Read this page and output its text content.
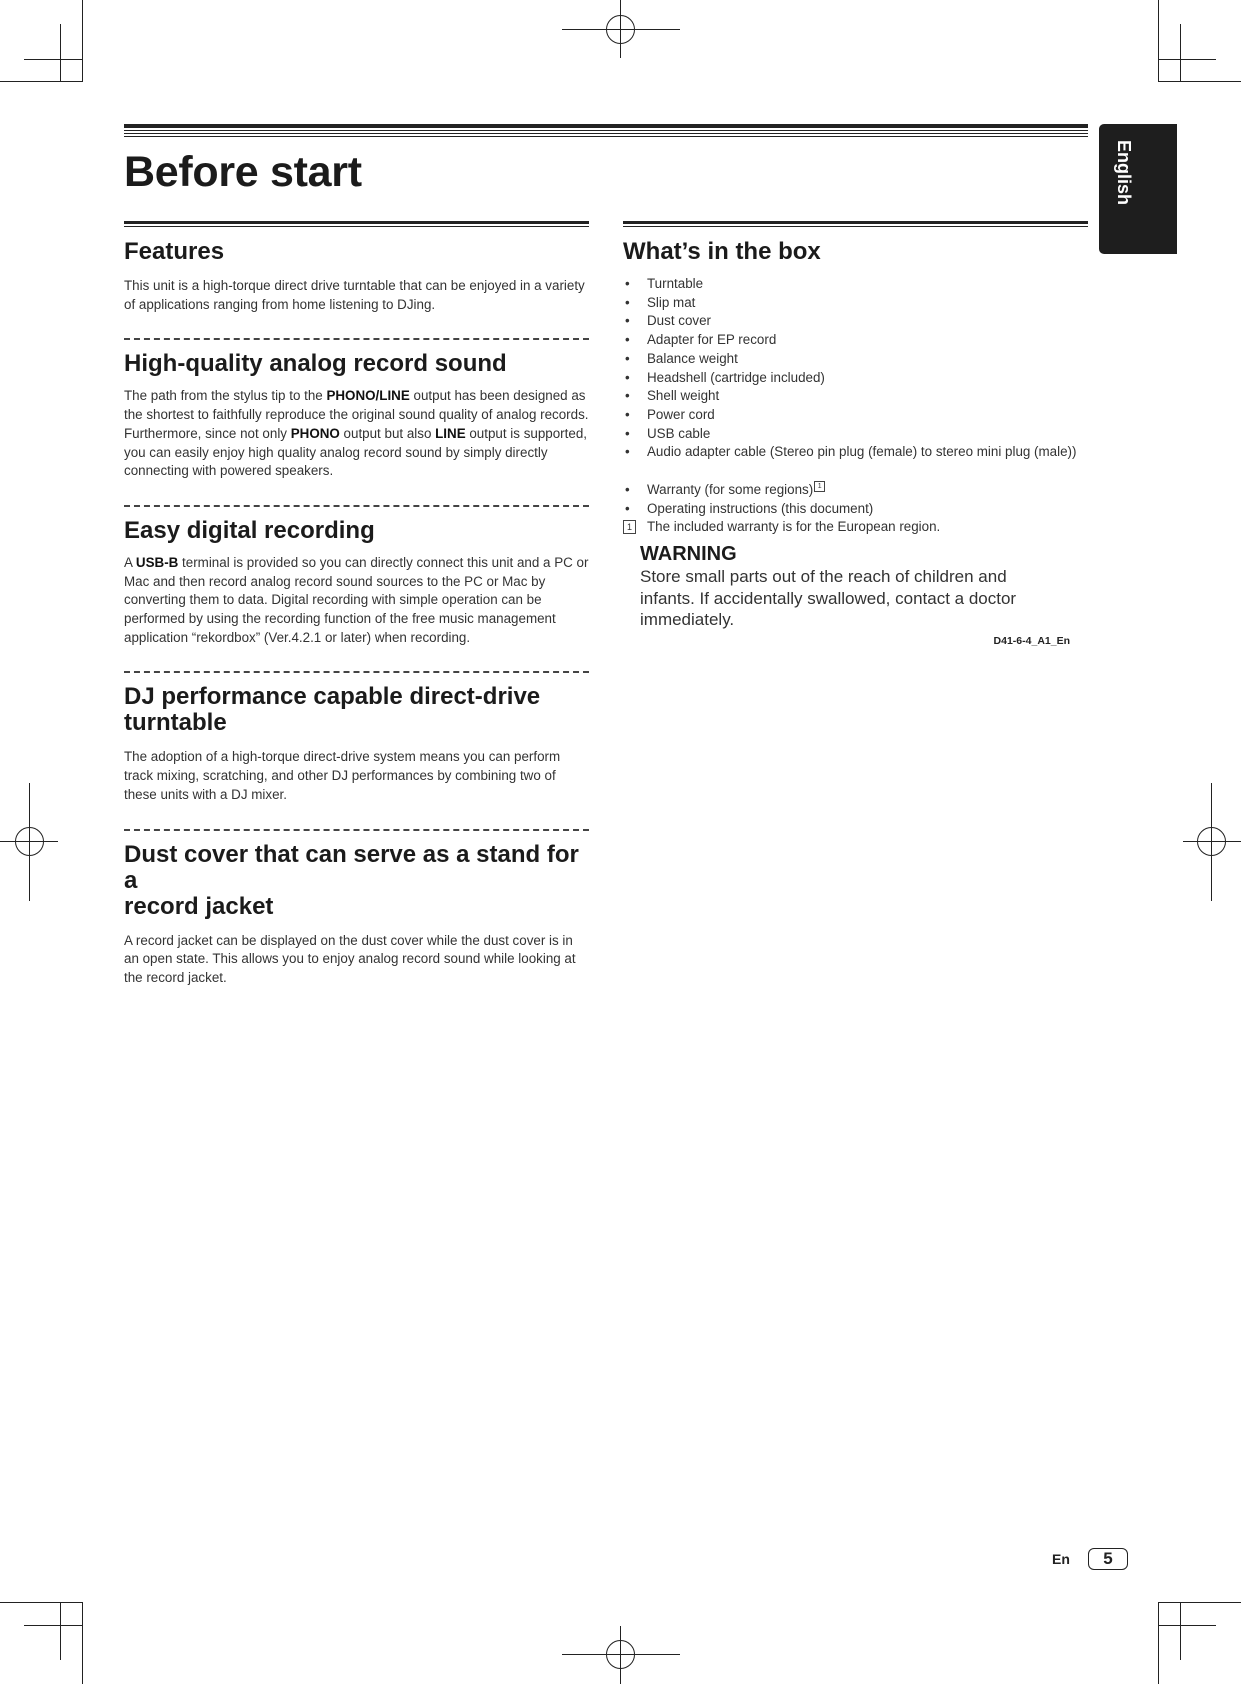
Before start	English
Features

This unit is a high-torque direct drive turntable that can be enjoyed in a variety of applications ranging from home listening to DJing.

High-quality analog record sound

The path from the stylus tip to the PHONO/LINE output has been designed as the shortest to faithfully reproduce the original sound quality of analog records.
Furthermore, since not only PHONO output but also LINE output is supported, you can easily enjoy high quality analog record sound by simply directly connecting with powered speakers.

Easy digital recording

A USB-B terminal is provided so you can directly connect this unit and a PC or Mac and then record analog record sound sources to the PC or Mac by converting them to data. Digital recording with simple operation can be performed by using the recording function of the free music management application “rekordbox” (Ver.4.2.1 or later) when recording.

DJ performance capable direct-drive
turntable

The adoption of a high-torque direct-drive system means you can perform track mixing, scratching, and other DJ performances by combining two of these units with a DJ mixer.

Dust cover that can serve as a stand for a
record jacket

A record jacket can be displayed on the dust cover while the dust cover is in an open state. This allows you to enjoy analog record sound while looking at the record jacket.

What’s in the box
• Turntable
• Slip mat
• Dust cover
• Adapter for EP record
• Balance weight
• Headshell (cartridge included)
• Shell weight
• Power cord
• USB cable
• Audio adapter cable (Stereo pin plug (female) to stereo mini plug (male))
• Warranty (for some regions) 1
• Operating instructions (this document)
1 The included warranty is for the European region.
WARNING
Store small parts out of the reach of children and infants. If accidentally swallowed, contact a doctor immediately.
D41-6-4_A1_En
En	5
